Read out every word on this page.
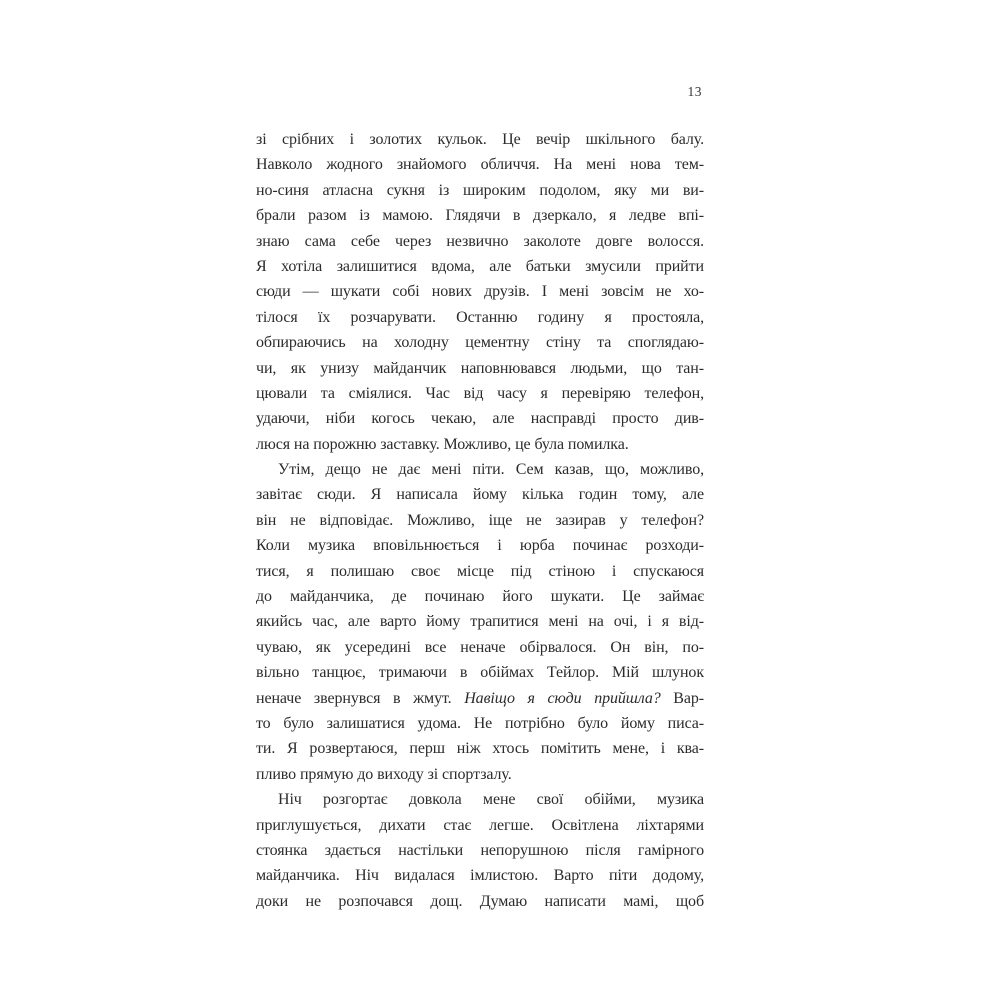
13
зі срібних і золотих кульок. Це вечір шкільного балу.
Навколо жодного знайомого обличчя. На мені нова тем-
но-синя атласна сукня із широким подолом, яку ми ви-
брали разом із мамою. Глядячи в дзеркало, я ледве впі-
знаю сама себе через незвично заколоте довге волосся.
Я хотіла залишитися вдома, але батьки змусили прийти
сюди — шукати собі нових друзів. І мені зовсім не хо-
тілося їх розчарувати. Останню годину я простояла,
обпираючись на холодну цементну стіну та споглядаю-
чи, як унизу майданчик наповнювався людьми, що тан-
цювали та сміялися. Час від часу я перевіряю телефон,
удаючи, ніби когось чекаю, але насправді просто див-
люся на порожню заставку. Можливо, це була помилка.
Утім, дещо не дає мені піти. Сем казав, що, можливо,
завітає сюди. Я написала йому кілька годин тому, але
він не відповідає. Можливо, іще не зазирав у телефон?
Коли музика вповільнюється і юрба починає розходи-
тися, я полишаю своє місце під стіною і спускаюся
до майданчика, де починаю його шукати. Це займає
якийсь час, але варто йому трапитися мені на очі, і я від-
чуваю, як усередині все неначе обірвалося. Он він, по-
вільно танцює, тримаючи в обіймах Тейлор. Мій шлунок
неначе звернувся в жмут. Навіщо я сюди прийшла? Вар-
то було залишатися удома. Не потрібно було йому писа-
ти. Я розвертаюся, перш ніж хтось помітить мене, і ква-
пливо прямую до виходу зі спортзалу.
Ніч розгортає довкола мене свої обійми, музика
приглушується, дихати стає легше. Освітлена ліхтарями
стоянка здається настільки непорушною після гамірного
майданчика. Ніч видалася імлистою. Варто піти додому,
доки не розпочався дощ. Думаю написати мамі, щоб
